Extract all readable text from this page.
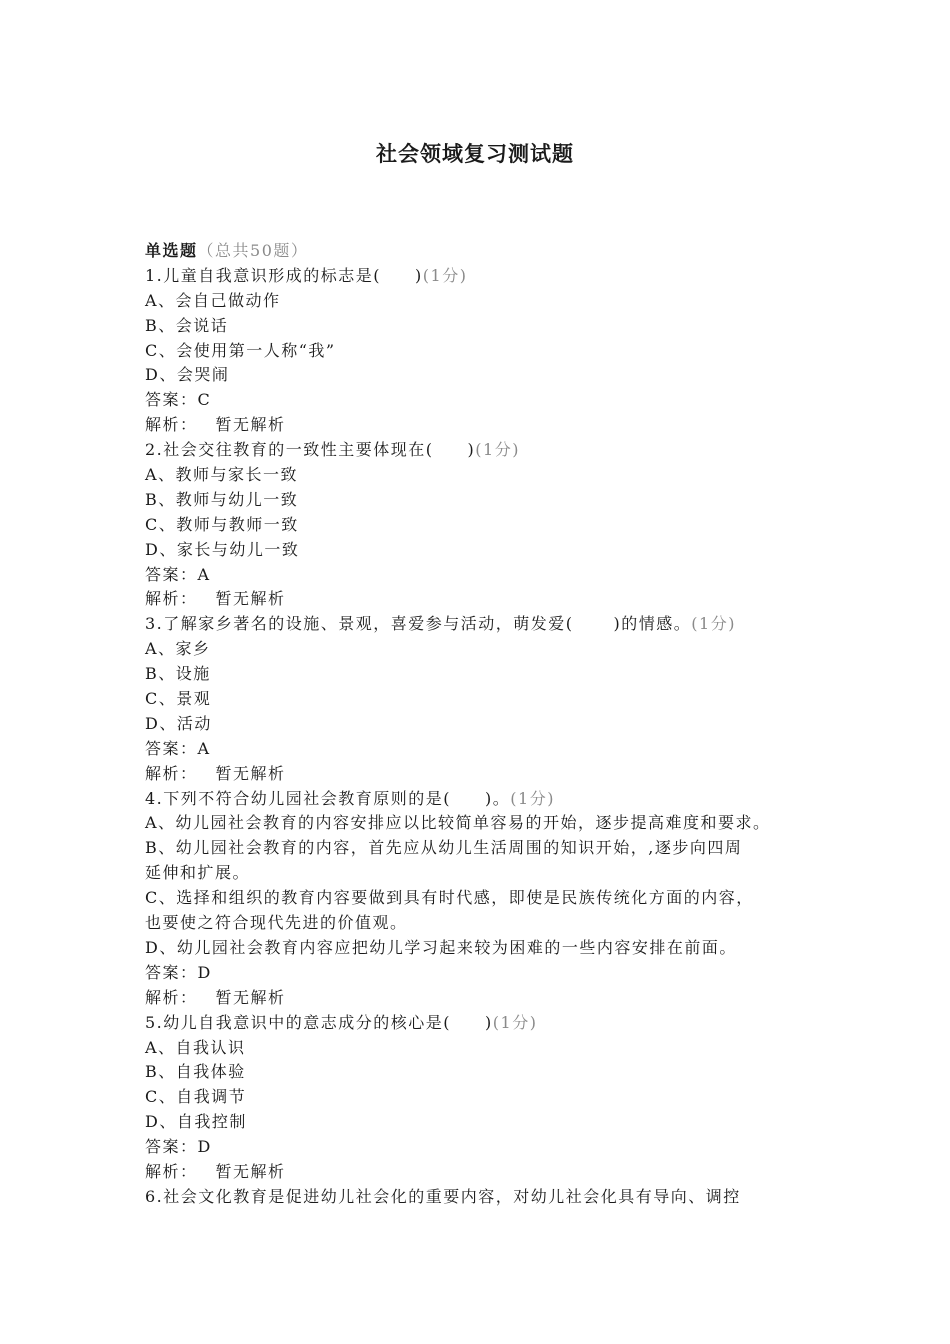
社会领域复习测试题
单选题（总共50题）
1.儿童自我意识形成的标志是( )(1分)
A、会自己做动作
B、会说话
C、会使用第一人称“我”
D、会哭闹
答案：C
解析： 暂无解析
2.社会交往教育的一致性主要体现在( )(1分)
A、教师与家长一致
B、教师与幼儿一致
C、教师与教师一致
D、家长与幼儿一致
答案：A
解析： 暂无解析
3.了解家乡著名的设施、景观，喜爱参与活动，萌发爱(	)的情感。(1分)
A、家乡
B、设施
C、景观
D、活动
答案：A
解析： 暂无解析
4.下列不符合幼儿园社会教育原则的是( )。(1分)
A、幼儿园社会教育的内容安排应以比较简单容易的开始，逐步提高难度和要求。
B、幼儿园社会教育的内容，首先应从幼儿生活周围的知识开始，,逐步向四周
延伸和扩展。
C、选择和组织的教育内容要做到具有时代感，即使是民族传统化方面的内容，
也要使之符合现代先进的价值观。
D、幼儿园社会教育内容应把幼儿学习起来较为困难的一些内容安排在前面。
答案：D
解析： 暂无解析
5.幼儿自我意识中的意志成分的核心是( )(1分)
A、自我认识
B、自我体验
C、自我调节
D、自我控制
答案：D
解析： 暂无解析
6.社会文化教育是促进幼儿社会化的重要内容，对幼儿社会化具有导向、调控
